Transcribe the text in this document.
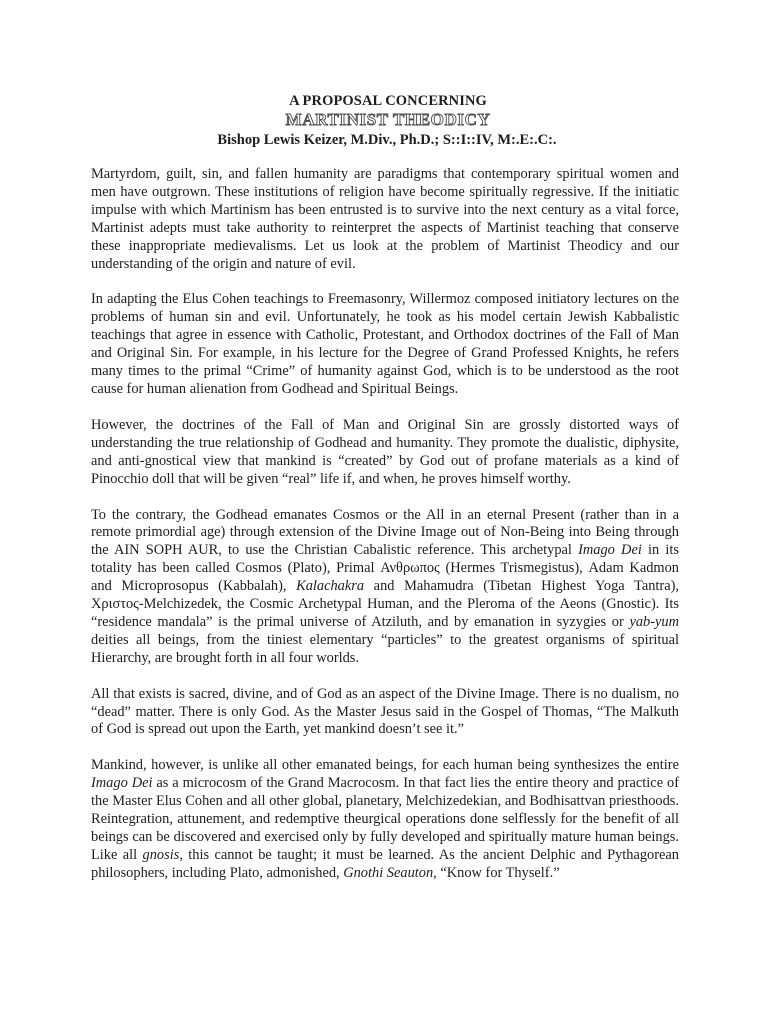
A PROPOSAL CONCERNING
MARTINIST THEODICY
Bishop Lewis Keizer, M.Div., Ph.D.; S::I::IV, M:.E:.C:.

Martyrdom, guilt, sin, and fallen humanity are paradigms that contemporary spiritual women and men have outgrown. These institutions of religion have become spiritually regressive. If the initiatic impulse with which Martinism has been entrusted is to survive into the next century as a vital force, Martinist adepts must take authority to reinterpret the aspects of Martinist teaching that conserve these inappropriate medievalisms. Let us look at the problem of Martinist Theodicy and our understanding of the origin and nature of evil.

In adapting the Elus Cohen teachings to Freemasonry, Willermoz composed initiatory lectures on the problems of human sin and evil. Unfortunately, he took as his model certain Jewish Kabbalistic teachings that agree in essence with Catholic, Protestant, and Orthodox doctrines of the Fall of Man and Original Sin. For example, in his lecture for the Degree of Grand Professed Knights, he refers many times to the primal “Crime” of humanity against God, which is to be understood as the root cause for human alienation from Godhead and Spiritual Beings.

However, the doctrines of the Fall of Man and Original Sin are grossly distorted ways of understanding the true relationship of Godhead and humanity. They promote the dualistic, diphysite, and anti-gnostical view that mankind is “created” by God out of profane materials as a kind of Pinocchio doll that will be given “real” life if, and when, he proves himself worthy.

To the contrary, the Godhead emanates Cosmos or the All in an eternal Present (rather than in a remote primordial age) through extension of the Divine Image out of Non-Being into Being through the AIN SOPH AUR, to use the Christian Cabalistic reference. This archetypal Imago Dei in its totality has been called Cosmos (Plato), Primal Ανθρωπος (Hermes Trismegistus), Adam Kadmon and Microprosopus (Kabbalah), Kalachakra and Mahamudra (Tibetan Highest Yoga Tantra), Χριστος-Melchizedek, the Cosmic Archetypal Human, and the Pleroma of the Aeons (Gnostic). Its “residence mandala” is the primal universe of Atziluth, and by emanation in syzygies or yab-yum deities all beings, from the tiniest elementary “particles” to the greatest organisms of spiritual Hierarchy, are brought forth in all four worlds.

All that exists is sacred, divine, and of God as an aspect of the Divine Image. There is no dualism, no “dead” matter. There is only God. As the Master Jesus said in the Gospel of Thomas, “The Malkuth of God is spread out upon the Earth, yet mankind doesn’t see it.”

Mankind, however, is unlike all other emanated beings, for each human being synthesizes the entire Imago Dei as a microcosm of the Grand Macrocosm. In that fact lies the entire theory and practice of the Master Elus Cohen and all other global, planetary, Melchizedekian, and Bodhisattvan priesthoods. Reintegration, attunement, and redemptive theurgical operations done selflessly for the benefit of all beings can be discovered and exercised only by fully developed and spiritually mature human beings. Like all gnosis, this cannot be taught; it must be learned. As the ancient Delphic and Pythagorean philosophers, including Plato, admonished, Gnothi Seauton, “Know for Thyself.”
